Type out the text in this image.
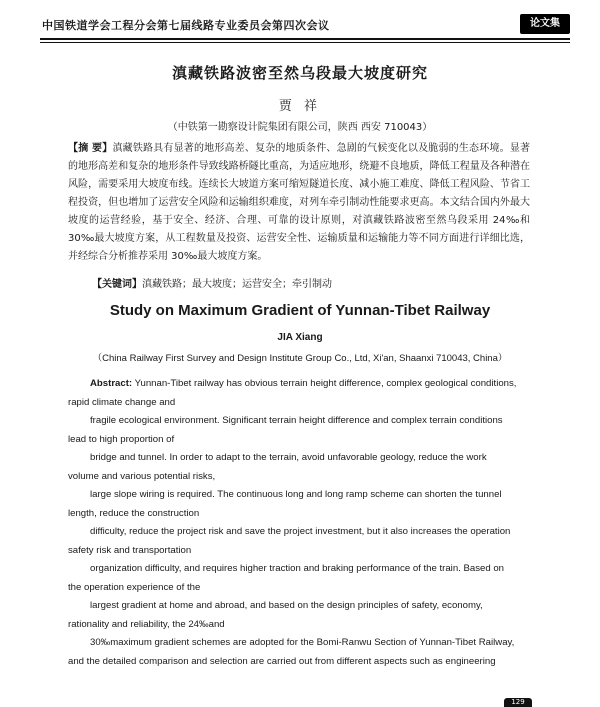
中国铁道学会工程分会第七届线路专业委员会第四次会议	论文集
滇藏铁路波密至然乌段最大坡度研究
贾 祥
（中铁第一勘察设计院集团有限公司，陕西 西安 710043）
【摘 要】滇藏铁路具有显著的地形高差、复杂的地质条件、急剧的气候变化以及脆弱的生态环境。显著的地形高差和复杂的地形条件导致线路桥隧比重高，为适应地形，绕避不良地质，降低工程量及各种潜在风险，需要采用大坡度布线。连续长大坡道方案可缩短隧道长度、减小施工难度、降低工程风险、节省工程投资，但也增加了运营安全风险和运输组织难度，对列车牵引制动性能要求更高。本文结合国内外最大坡度的运营经验，基于安全、经济、合理、可靠的设计原则，对滇藏铁路波密至然乌段采用 24‰和 30‰最大坡度方案，从工程数量及投资、运营安全性、运输质量和运输能力等不同方面进行详细比选，并经综合分析推荐采用 30‰最大坡度方案。
【关键词】滇藏铁路；最大坡度；运营安全；牵引制动
Study on Maximum Gradient of Yunnan-Tibet Railway
JIA Xiang
（China Railway First Survey and Design Institute Group Co., Ltd, Xi'an, Shaanxi 710043, China）
Abstract: Yunnan-Tibet railway has obvious terrain height difference, complex geological conditions,
rapid climate change and
fragile ecological environment. Significant terrain height difference and complex terrain conditions
lead to high proportion of
bridge and tunnel. In order to adapt to the terrain, avoid unfavorable geology, reduce the work
volume and various potential risks,
large slope wiring is required. The continuous long and long ramp scheme can shorten the tunnel
length, reduce the construction
difficulty, reduce the project risk and save the project investment, but it also increases the operation
safety risk and transportation
organization difficulty, and requires higher traction and braking performance of the train. Based on
the operation experience of the
largest gradient at home and abroad, and based on the design principles of safety, economy,
rationality and reliability, the 24‰and
30‰maximum gradient schemes are adopted for the Bomi-Ranwu Section of Yunnan-Tibet Railway,
and the detailed comparison and selection are carried out from different aspects such as engineering
129
